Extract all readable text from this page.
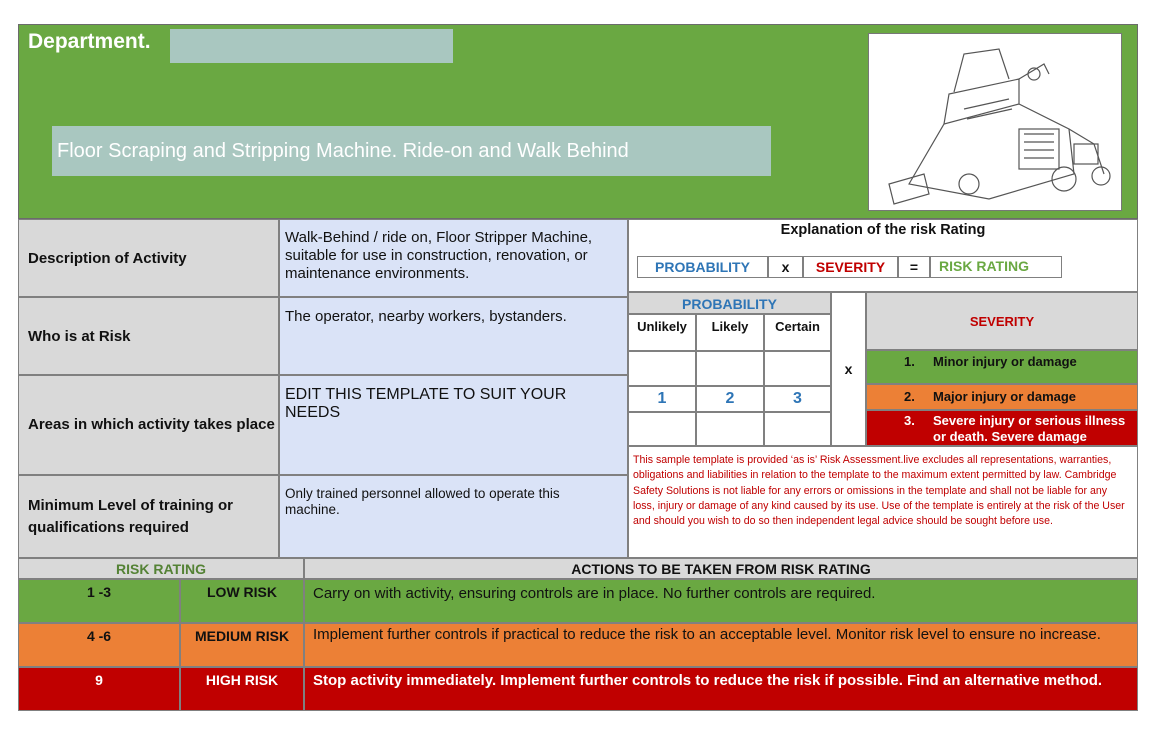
Department.
Floor Scraping and Stripping Machine. Ride-on and Walk Behind
Description of Activity
Walk-Behind / ride on, Floor Stripper Machine, suitable for use in construction, renovation, or maintenance environments.
Who is at Risk
The operator, nearby workers, bystanders.
Areas in which activity takes place
EDIT THIS TEMPLATE TO SUIT YOUR NEEDS
Minimum Level of training or qualifications required
Only trained personnel allowed to operate this machine.
Explanation of the risk Rating
PROBABILITY	x	SEVERITY	=	RISK RATING
PROBABILITY
Unlikely	Likely	Certain
1	2	3
x
SEVERITY
1. Minor injury or damage
2. Major injury or damage
3. Severe injury or serious illness or death. Severe damage
This sample template is provided ‘as is’ Risk Assessment.live excludes all representations, warranties, obligations and liabilities in relation to the template to the maximum extent permitted by law. Cambridge Safety Solutions is not liable for any errors or omissions in the template and shall not be liable for any loss, injury or damage of any kind caused by its use. Use of the template is entirely at the risk of the User and should you wish to do so then independent legal advice should be sought before use.
RISK RATING	ACTIONS TO BE TAKEN FROM RISK RATING
1 -3	LOW RISK	Carry on with activity, ensuring controls are in place. No further controls are required.
4 -6	MEDIUM RISK	Implement further controls if practical to reduce the risk to an acceptable level. Monitor risk level to ensure no increase.
9	HIGH RISK	Stop activity immediately. Implement further controls to reduce the risk if possible. Find an alternative method.
